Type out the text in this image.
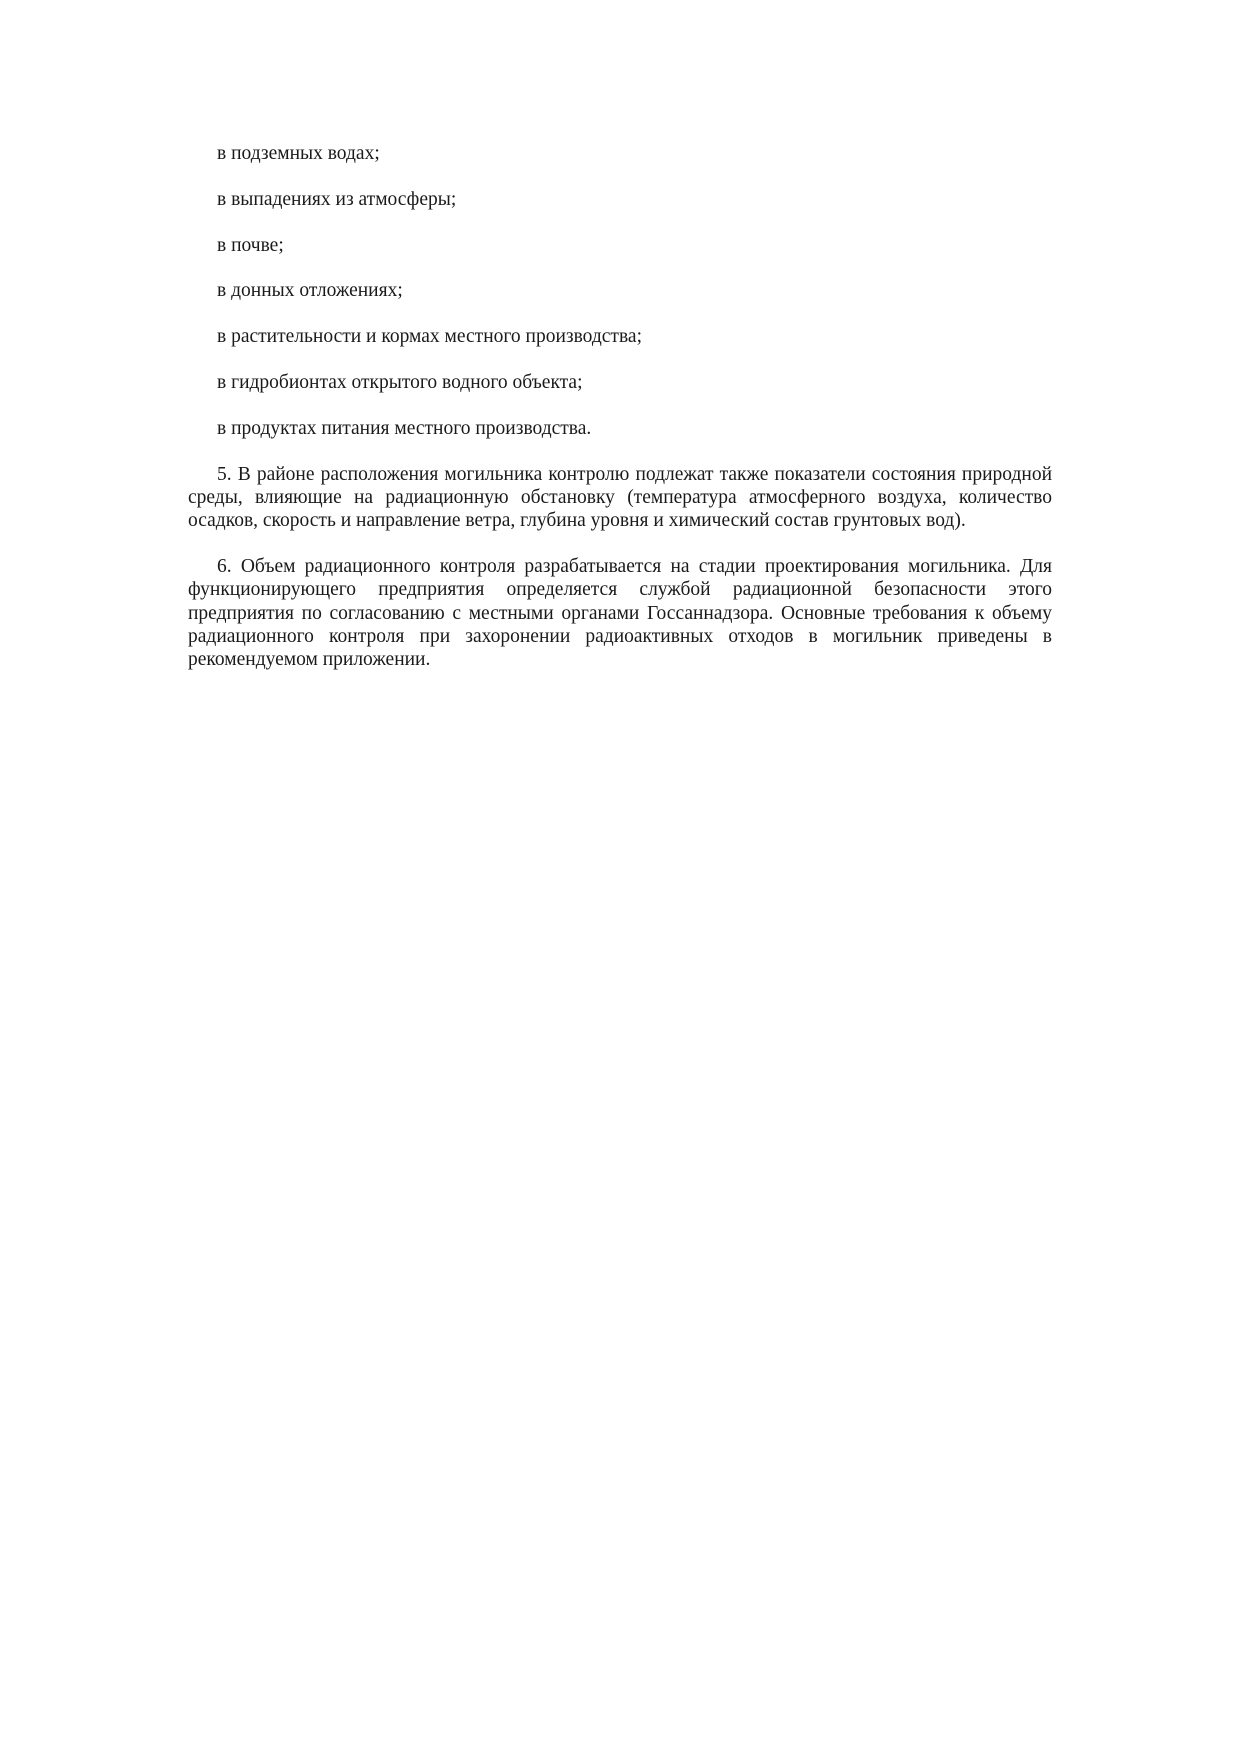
в подземных водах;

в выпадениях из атмосферы;

в почве;

в донных отложениях;

в растительности и кормах местного производства;

в гидробионтах открытого водного объекта;

в продуктах питания местного производства.

5. В районе расположения могильника контролю подлежат также показатели состояния природной среды, влияющие на радиационную обстановку (температура атмосферного воздуха, количество осадков, скорость и направление ветра, глубина уровня и химический состав грунтовых вод).

6. Объем радиационного контроля разрабатывается на стадии проектирования могильника. Для функционирующего предприятия определяется службой радиационной безопасности этого предприятия по согласованию с местными органами Госсаннадзора. Основные требования к объему радиационного контроля при захоронении радиоактивных отходов в могильник приведены в рекомендуемом приложении.
